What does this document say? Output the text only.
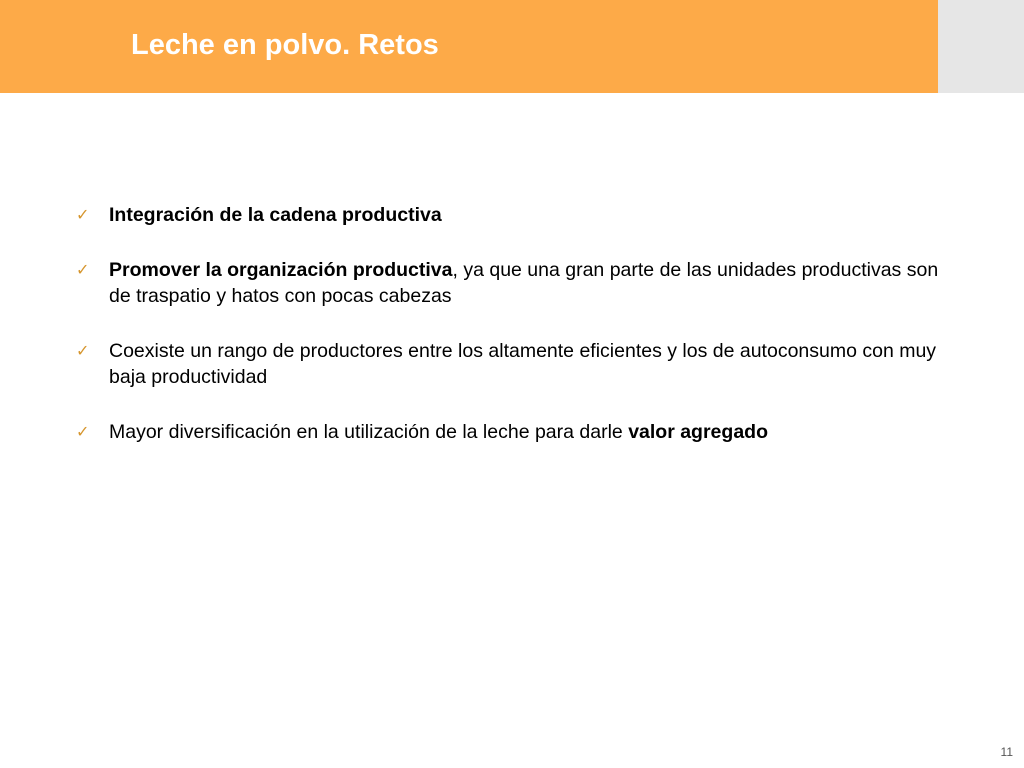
Leche en polvo. Retos
✓	Integración de la cadena productiva
✓	Promover la organización productiva, ya que una gran parte de las unidades productivas son de traspatio y hatos con pocas cabezas
✓	Coexiste un rango de productores entre los altamente eficientes y los de autoconsumo con muy baja productividad
✓	Mayor diversificación en la utilización de la leche para darle valor agregado
11
